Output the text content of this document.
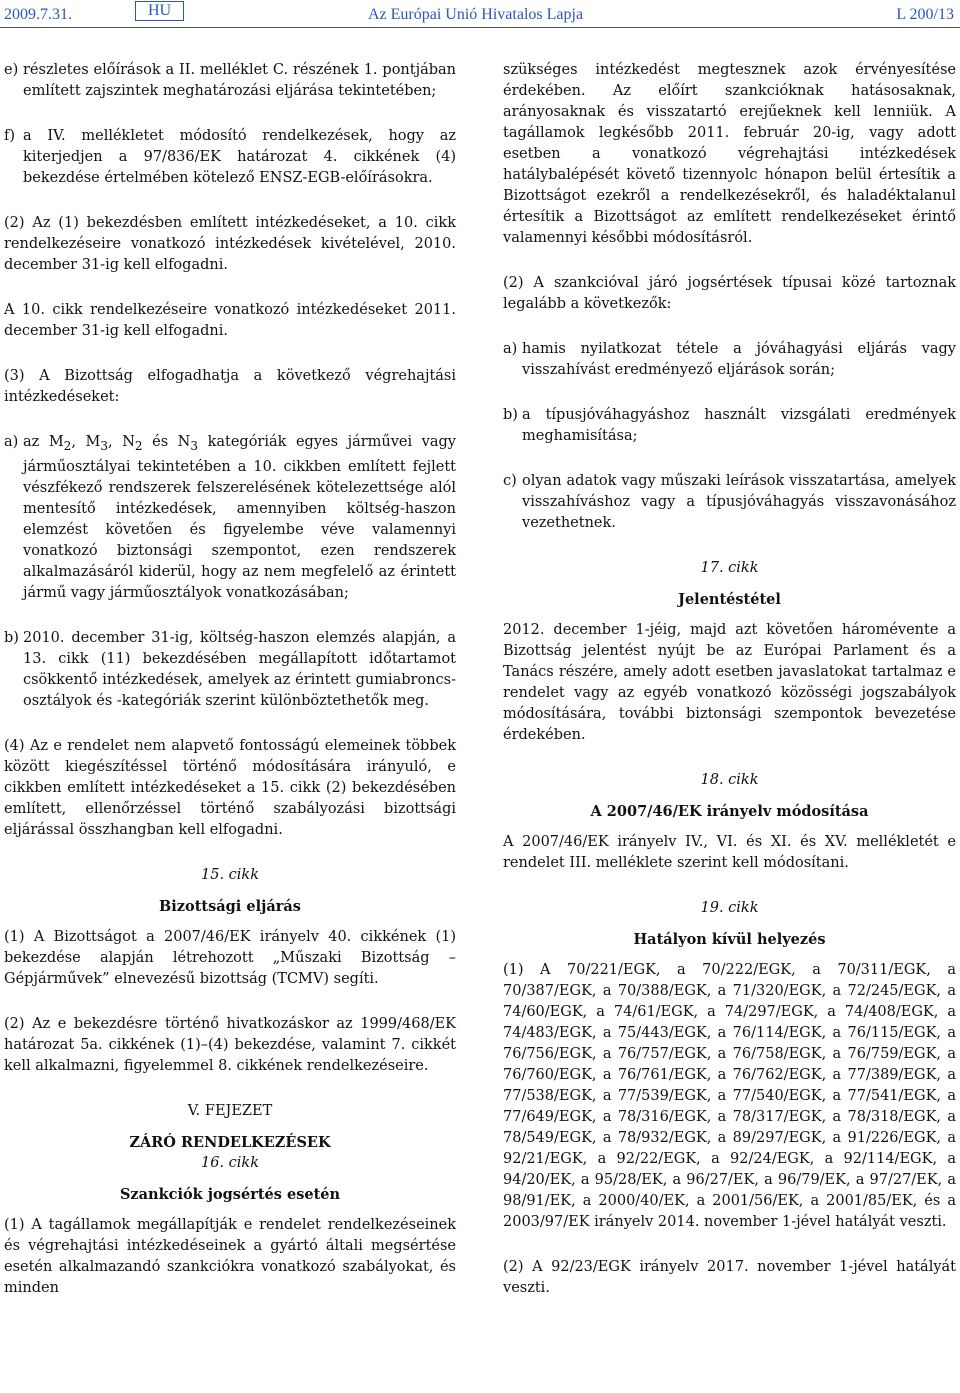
2009.7.31.	HU	Az Európai Unió Hivatalos Lapja	L 200/13
e) részletes előírások a II. melléklet C. részének 1. pontjában említett zajszintek meghatározási eljárása tekintetében;
f) a IV. mellékletet módosító rendelkezések, hogy az kiterjedjen a 97/836/EK határozat 4. cikkének (4) bekezdése értelmében kötelező ENSZ-EGB-előírásokra.

(2) Az (1) bekezdésben említett intézkedéseket, a 10. cikk rendelkezéseire vonatkozó intézkedések kivételével, 2010. december 31-ig kell elfogadni.

A 10. cikk rendelkezéseire vonatkozó intézkedéseket 2011. december 31-ig kell elfogadni.

(3) A Bizottság elfogadhatja a következő végrehajtási intézkedéseket:

a) az $M_2$, $M_3$, $N_2$ és $N_3$ kategóriák egyes járművei vagy járműosztályai tekintetében a 10. cikkben említett fejlett vészfékező rendszerek felszerelésének kötelezettsége alól mentesítő intézkedések, amennyiben költség-haszon elemzést követően és figyelembe véve valamennyi vonatkozó biztonsági szempontot, ezen rendszerek alkalmazásáról kiderül, hogy az nem megfelelő az érintett jármű vagy járműosztályok vonatkozásában;
b) 2010. december 31-ig, költség-haszon elemzés alapján, a 13. cikk (11) bekezdésében megállapított időtartamot csökkentő intézkedések, amelyek az érintett gumiabroncs-osztályok és -kategóriák szerint különböztethetők meg.

(4) Az e rendelet nem alapvető fontosságú elemeinek többek között kiegészítéssel történő módosítására irányuló, e cikkben említett intézkedéseket a 15. cikk (2) bekezdésében említett, ellenőrzéssel történő szabályozási bizottsági eljárással összhangban kell elfogadni.

15. cikk
Bizottsági eljárás

(1) A Bizottságot a 2007/46/EK irányelv 40. cikkének (1) bekezdése alapján létrehozott „Műszaki Bizottság – Gépjárművek” elnevezésű bizottság (TCMV) segíti.

(2) Az e bekezdésre történő hivatkozáskor az 1999/468/EK határozat 5a. cikkének (1)–(4) bekezdése, valamint 7. cikkét kell alkalmazni, figyelemmel 8. cikkének rendelkezéseire.

V. FEJEZET
ZÁRÓ RENDELKEZÉSEK
16. cikk
Szankciók jogsértés esetén

(1) A tagállamok megállapítják e rendelet rendelkezéseinek és végrehajtási intézkedéseinek a gyártó általi megsértése esetén alkalmazandó szankciókra vonatkozó szabályokat, és minden

szükséges intézkedést megtesznek azok érvényesítése érdekében. Az előírt szankcióknak hatásosaknak, arányosaknak és visszatartó erejűeknek kell lenniük. A tagállamok legkésőbb 2011. február 20-ig, vagy adott esetben a vonatkozó végrehajtási intézkedések hatálybalépését követő tizennyolc hónapon belül értesítik a Bizottságot ezekről a rendelkezésekről, és haladéktalanul értesítik a Bizottságot az említett rendelkezéseket érintő valamennyi későbbi módosításról.

(2) A szankcióval járó jogsértések típusai közé tartoznak legalább a következők:

a) hamis nyilatkozat tétele a jóváhagyási eljárás vagy visszahívást eredményező eljárások során;
b) a típusjóváhagyáshoz használt vizsgálati eredmények meghamisítása;
c) olyan adatok vagy műszaki leírások visszatartása, amelyek visszahíváshoz vagy a típusjóváhagyás visszavonásához vezethetnek.
17. cikk
Jelentéstétel

2012. december 1-jéig, majd azt követően háromévente a Bizottság jelentést nyújt be az Európai Parlament és a Tanács részére, amely adott esetben javaslatokat tartalmaz e rendelet vagy az egyéb vonatkozó közösségi jogszabályok módosítására, további biztonsági szempontok bevezetése érdekében.

18. cikk
A 2007/46/EK irányelv módosítása

A 2007/46/EK irányelv IV., VI. és XI. és XV. mellékletét e rendelet III. melléklete szerint kell módosítani.

19. cikk
Hatályon kívül helyezés

(1) A 70/221/EGK, a 70/222/EGK, a 70/311/EGK, a 70/387/EGK, a 70/388/EGK, a 71/320/EGK, a 72/245/EGK, a 74/60/EGK, a 74/61/EGK, a 74/297/EGK, a 74/408/EGK, a 74/483/EGK, a 75/443/EGK, a 76/114/EGK, a 76/115/EGK, a 76/756/EGK, a 76/757/EGK, a 76/758/EGK, a 76/759/EGK, a 76/760/EGK, a 76/761/EGK, a 76/762/EGK, a 77/389/EGK, a 77/538/EGK, a 77/539/EGK, a 77/540/EGK, a 77/541/EGK, a 77/649/EGK, a 78/316/EGK, a 78/317/EGK, a 78/318/EGK, a 78/549/EGK, a 78/932/EGK, a 89/297/EGK, a 91/226/EGK, a 92/21/EGK, a 92/22/EGK, a 92/24/EGK, a 92/114/EGK, a 94/20/EK, a 95/28/EK, a 96/27/EK, a 96/79/EK, a 97/27/EK, a 98/91/EK, a 2000/40/EK, a 2001/56/EK, a 2001/85/EK, és a 2003/97/EK irányelv 2014. november 1-jével hatályát veszti.

(2) A 92/23/EGK irányelv 2017. november 1-jével hatályát veszti.
